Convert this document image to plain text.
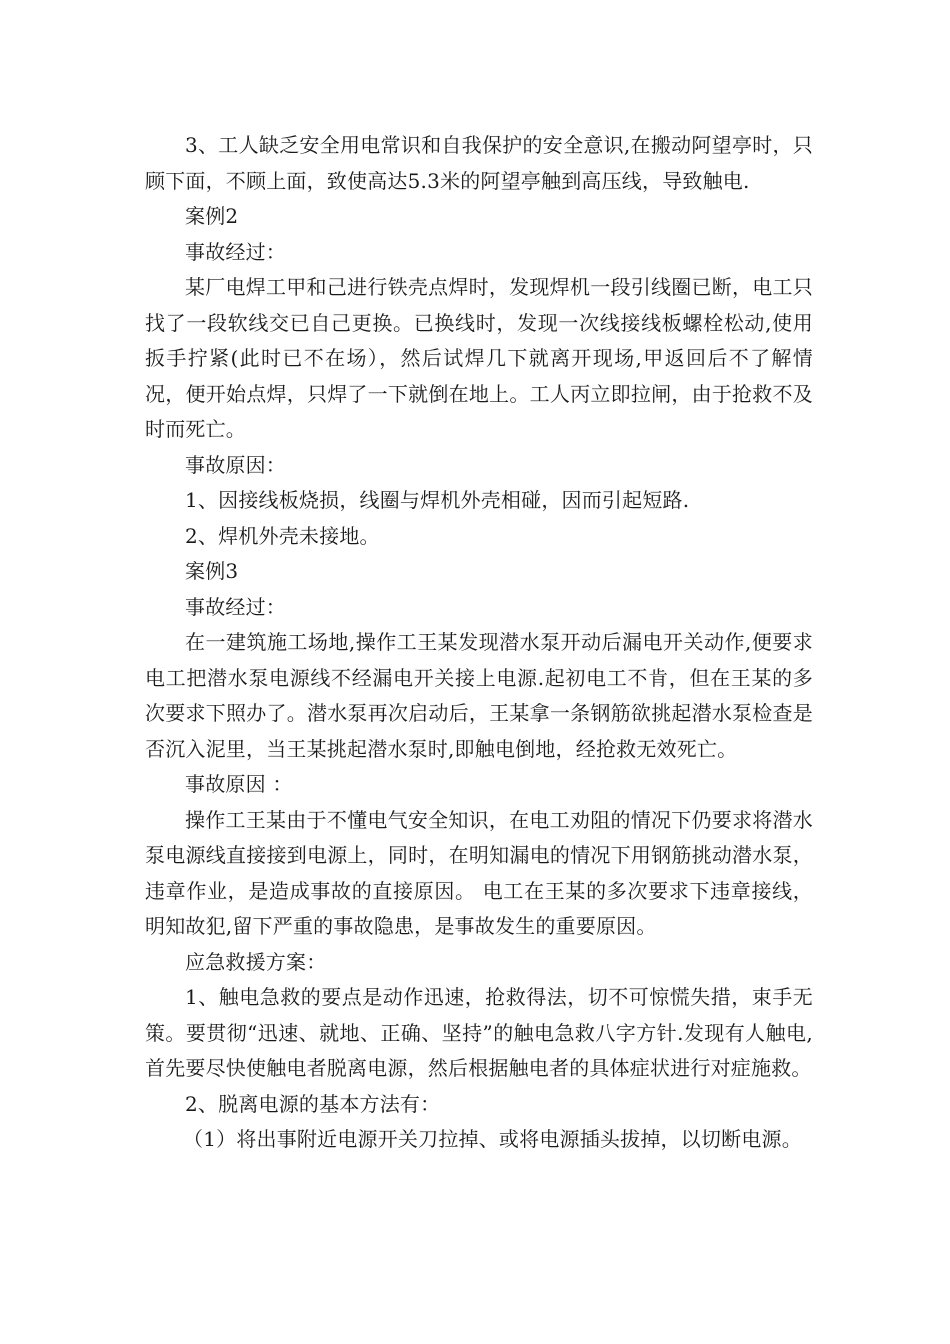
3、工人缺乏安全用电常识和自我保护的安全意识,在搬动阿望亭时，只顾下面，不顾上面，致使高达5.3米的阿望亭触到高压线，导致触电.

案例2

事故经过：

某厂电焊工甲和己进行铁壳点焊时，发现焊机一段引线圈已断，电工只找了一段软线交已自己更换。已换线时，发现一次线接线板螺栓松动,使用扳手拧紧(此时已不在场），然后试焊几下就离开现场,甲返回后不了解情况，便开始点焊，只焊了一下就倒在地上。工人丙立即拉闸，由于抢救不及时而死亡。

事故原因：

1、因接线板烧损，线圈与焊机外壳相碰，因而引起短路.

2、焊机外壳未接地。

案例3

事故经过：

在一建筑施工场地,操作工王某发现潜水泵开动后漏电开关动作,便要求电工把潜水泵电源线不经漏电开关接上电源.起初电工不肯，但在王某的多次要求下照办了。潜水泵再次启动后，王某拿一条钢筋欲挑起潜水泵检查是否沉入泥里，当王某挑起潜水泵时,即触电倒地，经抢救无效死亡。

事故原因 ：

操作工王某由于不懂电气安全知识，在电工劝阻的情况下仍要求将潜水泵电源线直接接到电源上，同时，在明知漏电的情况下用钢筋挑动潜水泵，违章作业，是造成事故的直接原因。 电工在王某的多次要求下违章接线，明知故犯,留下严重的事故隐患，是事故发生的重要原因。

应急救援方案：

1、触电急救的要点是动作迅速，抢救得法，切不可惊慌失措，束手无策。要贯彻“迅速、就地、正确、坚持”的触电急救八字方针.发现有人触电,首先要尽快使触电者脱离电源，然后根据触电者的具体症状进行对症施救。

2、脱离电源的基本方法有：

（1）将出事附近电源开关刀拉掉、或将电源插头拔掉，以切断电源。
